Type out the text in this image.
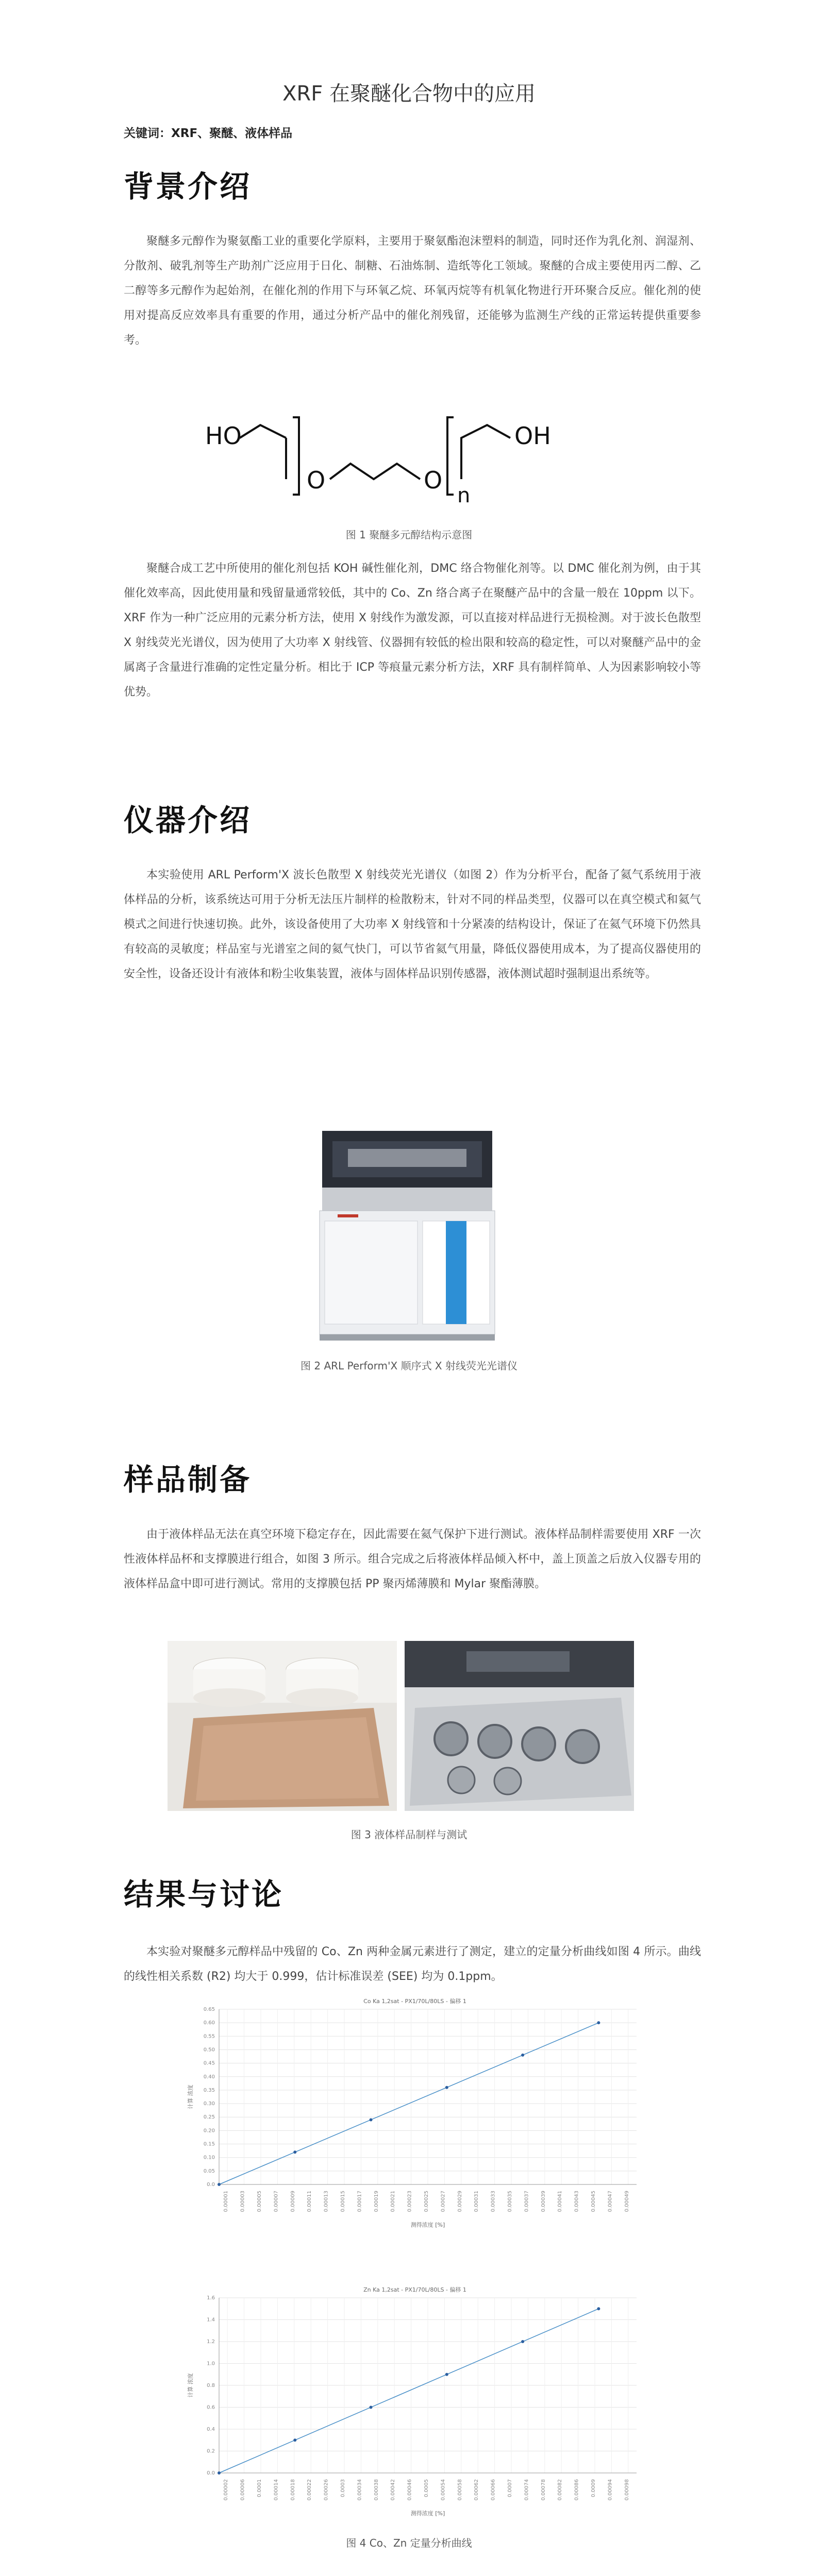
XRF 在聚醚化合物中的应用
关键词：XRF、聚醚、液体样品
背景介绍

聚醚多元醇作为聚氨酯工业的重要化学原料，主要用于聚氨酯泡沫塑料的制造，同时还作为乳化剂、润湿剂、分散剂、破乳剂等生产助剂广泛应用于日化、制糖、石油炼制、造纸等化工领域。聚醚的合成主要使用丙二醇、乙二醇等多元醇作为起始剂，在催化剂的作用下与环氧乙烷、环氧丙烷等有机氧化物进行开环聚合反应。催化剂的使用对提高反应效率具有重要的作用，通过分析产品中的催化剂残留，还能够为监测生产线的正常运转提供重要参考。

HO
O	O
n
OH
图 1 聚醚多元醇结构示意图

聚醚合成工艺中所使用的催化剂包括 KOH 碱性催化剂，DMC 络合物催化剂等。以 DMC 催化剂为例，由于其催化效率高，因此使用量和残留量通常较低，其中的 Co、Zn 络合离子在聚醚产品中的含量一般在 10ppm 以下。XRF 作为一种广泛应用的元素分析方法，使用 X 射线作为激发源，可以直接对样品进行无损检测。对于波长色散型 X 射线荧光光谱仪，因为使用了大功率 X 射线管、仪器拥有较低的检出限和较高的稳定性，可以对聚醚产品中的金属离子含量进行准确的定性定量分析。相比于 ICP 等痕量元素分析方法，XRF 具有制样简单、人为因素影响较小等优势。

仪器介绍

本实验使用 ARL Perform'X 波长色散型 X 射线荧光光谱仪（如图 2）作为分析平台，配备了氦气系统用于液体样品的分析，该系统达可用于分析无法压片制样的检散粉末，针对不同的样品类型，仪器可以在真空模式和氦气模式之间进行快速切换。此外，该设备使用了大功率 X 射线管和十分紧凑的结构设计，保证了在氦气环境下仍然具有较高的灵敏度；样品室与光谱室之间的氦气快门，可以节省氦气用量，降低仪器使用成本，为了提高仪器使用的安全性，设备还设计有液体和粉尘收集装置，液体与固体样品识别传感器，液体测试超时强制退出系统等。

图 2 ARL Perform'X 顺序式 X 射线荧光光谱仪
样品制备

由于液体样品无法在真空环境下稳定存在，因此需要在氦气保护下进行测试。液体样品制样需要使用 XRF 一次性液体样品杯和支撑膜进行组合，如图 3 所示。组合完成之后将液体样品倾入杯中，盖上顶盖之后放入仪器专用的液体样品盒中即可进行测试。常用的支撑膜包括 PP 聚丙烯薄膜和 Mylar 聚酯薄膜。

图 3 液体样品制样与测试
结果与讨论

本实验对聚醚多元醇样品中残留的 Co、Zn 两种金属元素进行了测定，建立的定量分析曲线如图 4 所示。曲线的线性相关系数 (R2) 均大于 0.999，估计标准误差 (SEE) 均为 0.1ppm。

Co Ka 1,2sat - PX1/70L/80LS - 偏移 1
0.0
0.05
0.10
0.15
0.20
0.25
0.30
0.35
0.40
0.45
0.50
0.55
0.60
0.65
0.00001 0.00003 0.00005 0.00007 0.00009 0.00011 0.00013 0.00015 0.00017 0.00019 0.00021 0.00023 0.00025 0.00027 0.00029 0.00031 0.00033 0.00035 0.00037 0.00039 0.00041 0.00043 0.00045 0.00047 0.00049
测得浓度 [%]
计算 浓度
Zn Ka 1,2sat - PX1/70L/80LS - 偏移 1
0.0
0.2
0.4
0.6
0.8
1.0
1.2
1.4
1.6
0.00002 0.00006 0.0001 0.00014 0.00018 0.00022 0.00026 0.0003 0.00034 0.00038 0.00042 0.00046 0.0005 0.00054 0.00058 0.00062 0.00066 0.0007 0.00074 0.00078 0.00082 0.00086 0.0009 0.00094 0.00098
测得浓度 [%]
计算 浓度
图 4 Co、Zn 定量分析曲线
